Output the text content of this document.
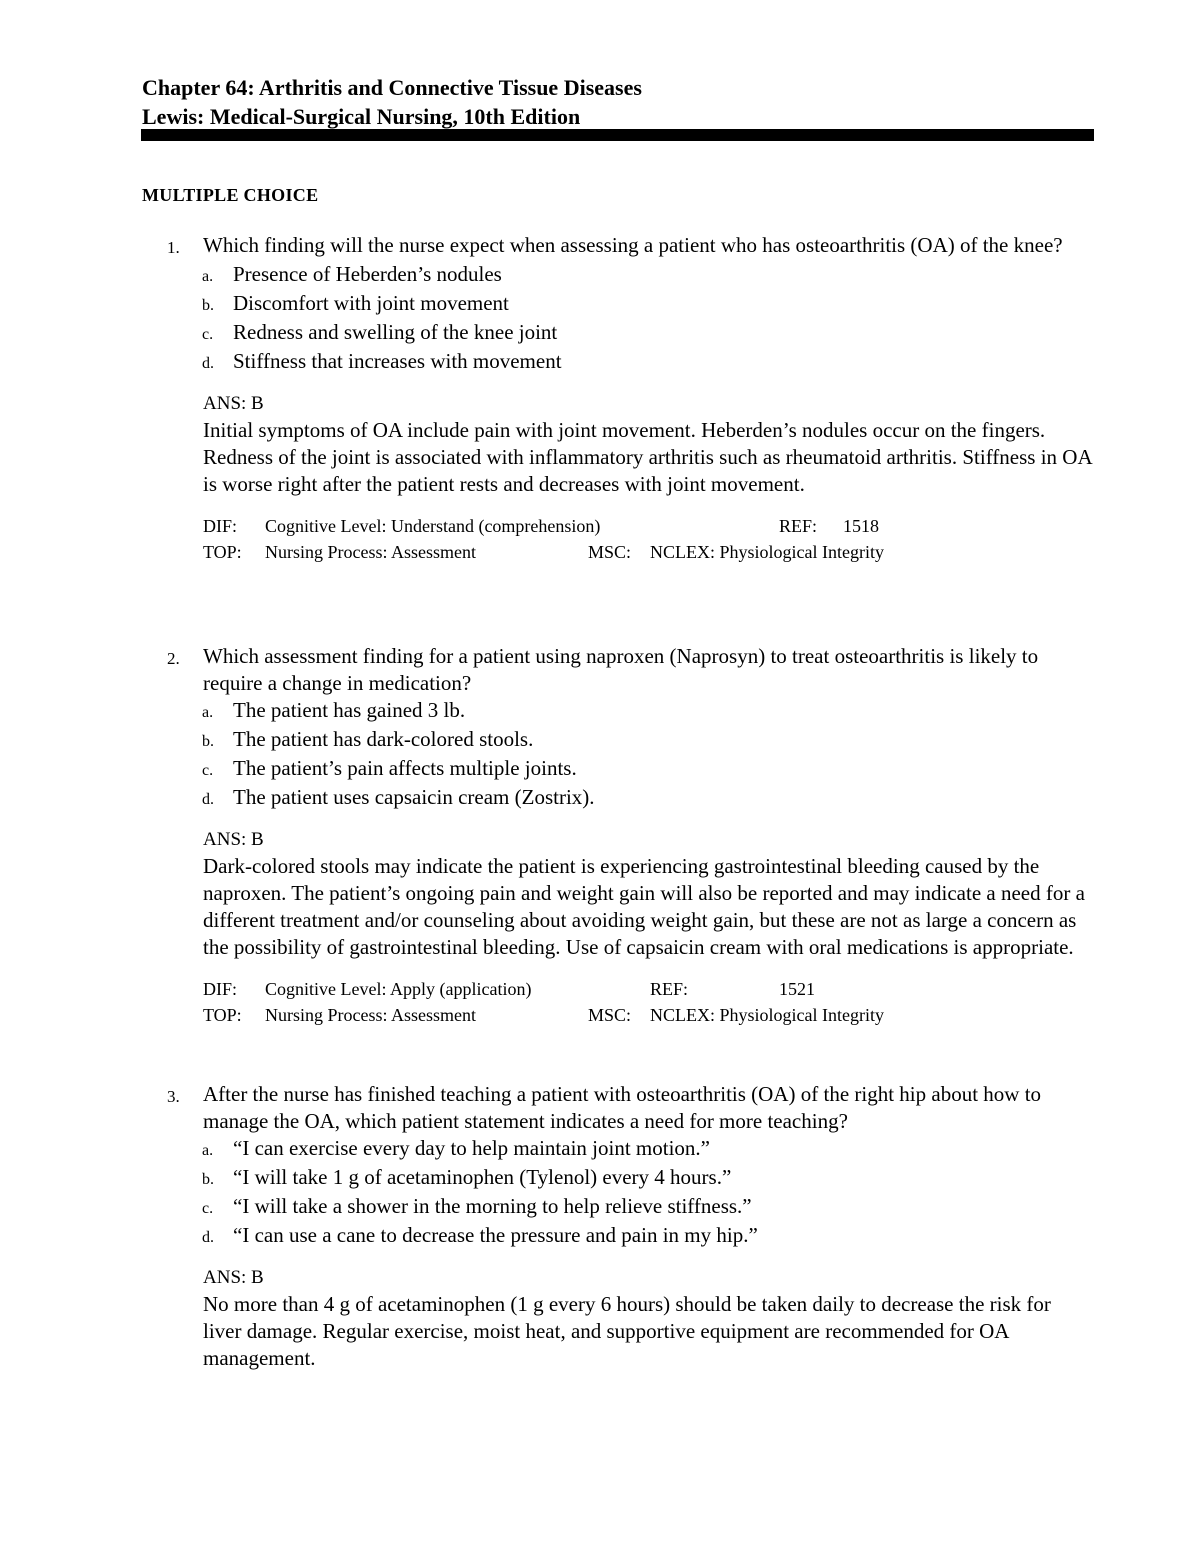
Chapter 64: Arthritis and Connective Tissue Diseases
Lewis: Medical-Surgical Nursing, 10th Edition
MULTIPLE CHOICE
1.	Which finding will the nurse expect when assessing a patient who has osteoarthritis (OA) of the knee?
a. Presence of Heberden’s nodules
b. Discomfort with joint movement
c. Redness and swelling of the knee joint
d. Stiffness that increases with movement
ANS: B
Initial symptoms of OA include pain with joint movement. Heberden’s nodules occur on the fingers. Redness of the joint is associated with inflammatory arthritis such as rheumatoid arthritis. Stiffness in OA is worse right after the patient rests and decreases with joint movement.
DIF: Cognitive Level: Understand (comprehension)	REF: 1518
TOP: Nursing Process: Assessment	MSC: NCLEX: Physiological Integrity
2.	Which assessment finding for a patient using naproxen (Naprosyn) to treat osteoarthritis is likely to require a change in medication?
a. The patient has gained 3 lb.
b. The patient has dark-colored stools.
c. The patient’s pain affects multiple joints.
d. The patient uses capsaicin cream (Zostrix).
ANS: B
Dark-colored stools may indicate the patient is experiencing gastrointestinal bleeding caused by the naproxen. The patient’s ongoing pain and weight gain will also be reported and may indicate a need for a different treatment and/or counseling about avoiding weight gain, but these are not as large a concern as the possibility of gastrointestinal bleeding. Use of capsaicin cream with oral medications is appropriate.
DIF: Cognitive Level: Apply (application)	REF:	1521
TOP: Nursing Process: Assessment	MSC: NCLEX: Physiological Integrity
3.	After the nurse has finished teaching a patient with osteoarthritis (OA) of the right hip about how to manage the OA, which patient statement indicates a need for more teaching?
a. “I can exercise every day to help maintain joint motion.”
b. “I will take 1 g of acetaminophen (Tylenol) every 4 hours.”
c. “I will take a shower in the morning to help relieve stiffness.”
d. “I can use a cane to decrease the pressure and pain in my hip.”
ANS: B
No more than 4 g of acetaminophen (1 g every 6 hours) should be taken daily to decrease the risk for liver damage. Regular exercise, moist heat, and supportive equipment are recommended for OA management.
